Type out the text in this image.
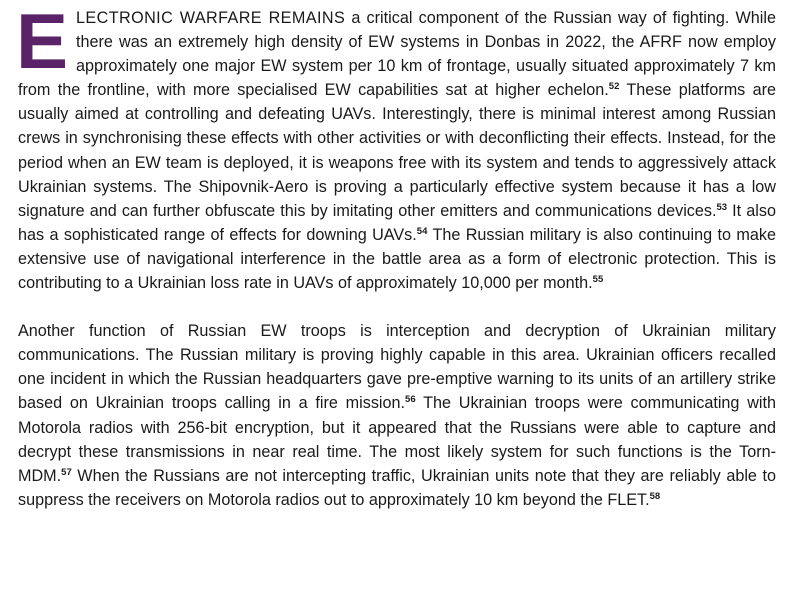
ELECTRONIC WARFARE REMAINS a critical component of the Russian way of fighting. While there was an extremely high density of EW systems in Donbas in 2022, the AFRF now employ approximately one major EW system per 10 km of frontage, usually situated approximately 7 km from the frontline, with more specialised EW capabilities sat at higher echelon.$^{52}$ These platforms are usually aimed at controlling and defeating UAVs. Interestingly, there is minimal interest among Russian crews in synchronising these effects with other activities or with deconflicting their effects. Instead, for the period when an EW team is deployed, it is weapons free with its system and tends to aggressively attack Ukrainian systems. The Shipovnik-Aero is proving a particularly effective system because it has a low signature and can further obfuscate this by imitating other emitters and communications devices.$^{53}$ It also has a sophisticated range of effects for downing UAVs.$^{54}$ The Russian military is also continuing to make extensive use of navigational interference in the battle area as a form of electronic protection. This is contributing to a Ukrainian loss rate in UAVs of approximately 10,000 per month.$^{55}$

Another function of Russian EW troops is interception and decryption of Ukrainian military communications. The Russian military is proving highly capable in this area. Ukrainian officers recalled one incident in which the Russian headquarters gave pre-emptive warning to its units of an artillery strike based on Ukrainian troops calling in a fire mission.$^{56}$ The Ukrainian troops were communicating with Motorola radios with 256-bit encryption, but it appeared that the Russians were able to capture and decrypt these transmissions in near real time. The most likely system for such functions is the Torn-MDM.$^{57}$ When the Russians are not intercepting traffic, Ukrainian units note that they are reliably able to suppress the receivers on Motorola radios out to approximately 10 km beyond the FLET.$^{58}$
